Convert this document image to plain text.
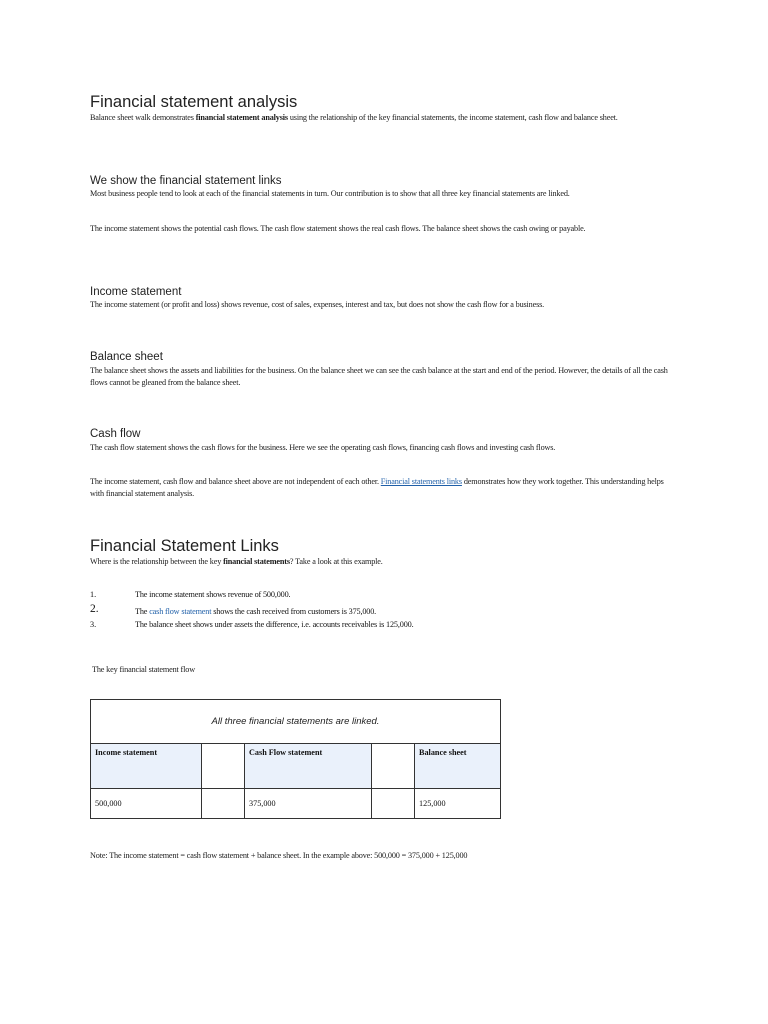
Financial statement analysis

Balance sheet walk demonstrates financial statement analysis using the relationship of the key financial statements, the income statement, cash flow and balance sheet.

We show the financial statement links

Most business people tend to look at each of the financial statements in turn. Our contribution is to show that all three key financial statements are linked.

The income statement shows the potential cash flows. The cash flow statement shows the real cash flows. The balance sheet shows the cash owing or payable.

Income statement

The income statement (or profit and loss) shows revenue, cost of sales, expenses, interest and tax, but does not show the cash flow for a business.

Balance sheet

The balance sheet shows the assets and liabilities for the business. On the balance sheet we can see the cash balance at the start and end of the period. However, the details of all the cash flows cannot be gleaned from the balance sheet.

Cash flow

The cash flow statement shows the cash flows for the business. Here we see the operating cash flows, financing cash flows and investing cash flows.

The income statement, cash flow and balance sheet above are not independent of each other. Financial statements links demonstrates how they work together. This understanding helps with financial statement analysis.

Financial Statement Links

Where is the relationship between the key financial statements? Take a look at this example.

1.	The income statement shows revenue of 500,000.
2.	The cash flow statement shows the cash received from customers is 375,000.
3.	The balance sheet shows under assets the difference, i.e. accounts receivables is 125,000.

The key financial statement flow

All three financial statements are linked.				
Income statement		Cash Flow statement		Balance sheet
500,000		375,000		125,000

Note: The income statement = cash flow statement + balance sheet. In the example above: 500,000 = 375,000 + 125,000
